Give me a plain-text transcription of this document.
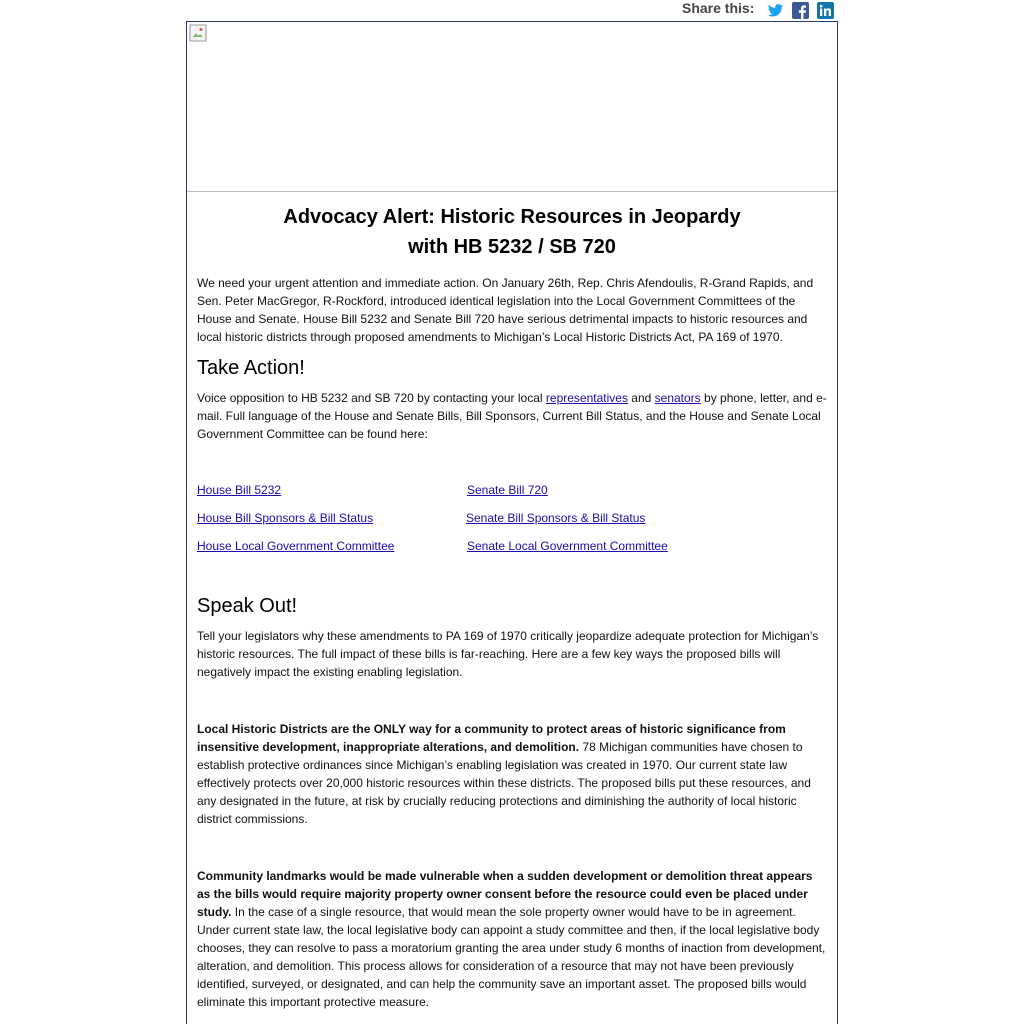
Share this:
Advocacy Alert: Historic Resources in Jeopardy
with HB 5232 / SB 720

We need your urgent attention and immediate action. On January 26th, Rep. Chris Afendoulis, R-Grand Rapids, and Sen. Peter MacGregor, R-Rockford, introduced identical legislation into the Local Government Committees of the House and Senate. House Bill 5232 and Senate Bill 720 have serious detrimental impacts to historic resources and local historic districts through proposed amendments to Michigan’s Local Historic Districts Act, PA 169 of 1970.

Take Action!

Voice opposition to HB 5232 and SB 720 by contacting your local representatives and senators by phone, letter, and e-mail. Full language of the House and Senate Bills, Bill Sponsors, Current Bill Status, and the House and Senate Local Government Committee can be found here:

House Bill 5232	Senate Bill 720
House Bill Sponsors & Bill Status	Senate Bill Sponsors & Bill Status
House Local Government Committee	Senate Local Government Committee
Speak Out!

Tell your legislators why these amendments to PA 169 of 1970 critically jeopardize adequate protection for Michigan’s historic resources. The full impact of these bills is far-reaching. Here are a few key ways the proposed bills will negatively impact the existing enabling legislation.

Local Historic Districts are the ONLY way for a community to protect areas of historic significance from insensitive development, inappropriate alterations, and demolition. 78 Michigan communities have chosen to establish protective ordinances since Michigan’s enabling legislation was created in 1970. Our current state law effectively protects over 20,000 historic resources within these districts. The proposed bills put these resources, and any designated in the future, at risk by crucially reducing protections and diminishing the authority of local historic district commissions.

Community landmarks would be made vulnerable when a sudden development or demolition threat appears as the bills would require majority property owner consent before the resource could even be placed under study. In the case of a single resource, that would mean the sole property owner would have to be in agreement. Under current state law, the local legislative body can appoint a study committee and then, if the local legislative body chooses, they can resolve to pass a moratorium granting the area under study 6 months of inaction from development, alteration, and demolition. This process allows for consideration of a resource that may not have been previously identified, surveyed, or designated, and can help the community save an important asset. The proposed bills would eliminate this important protective measure.
